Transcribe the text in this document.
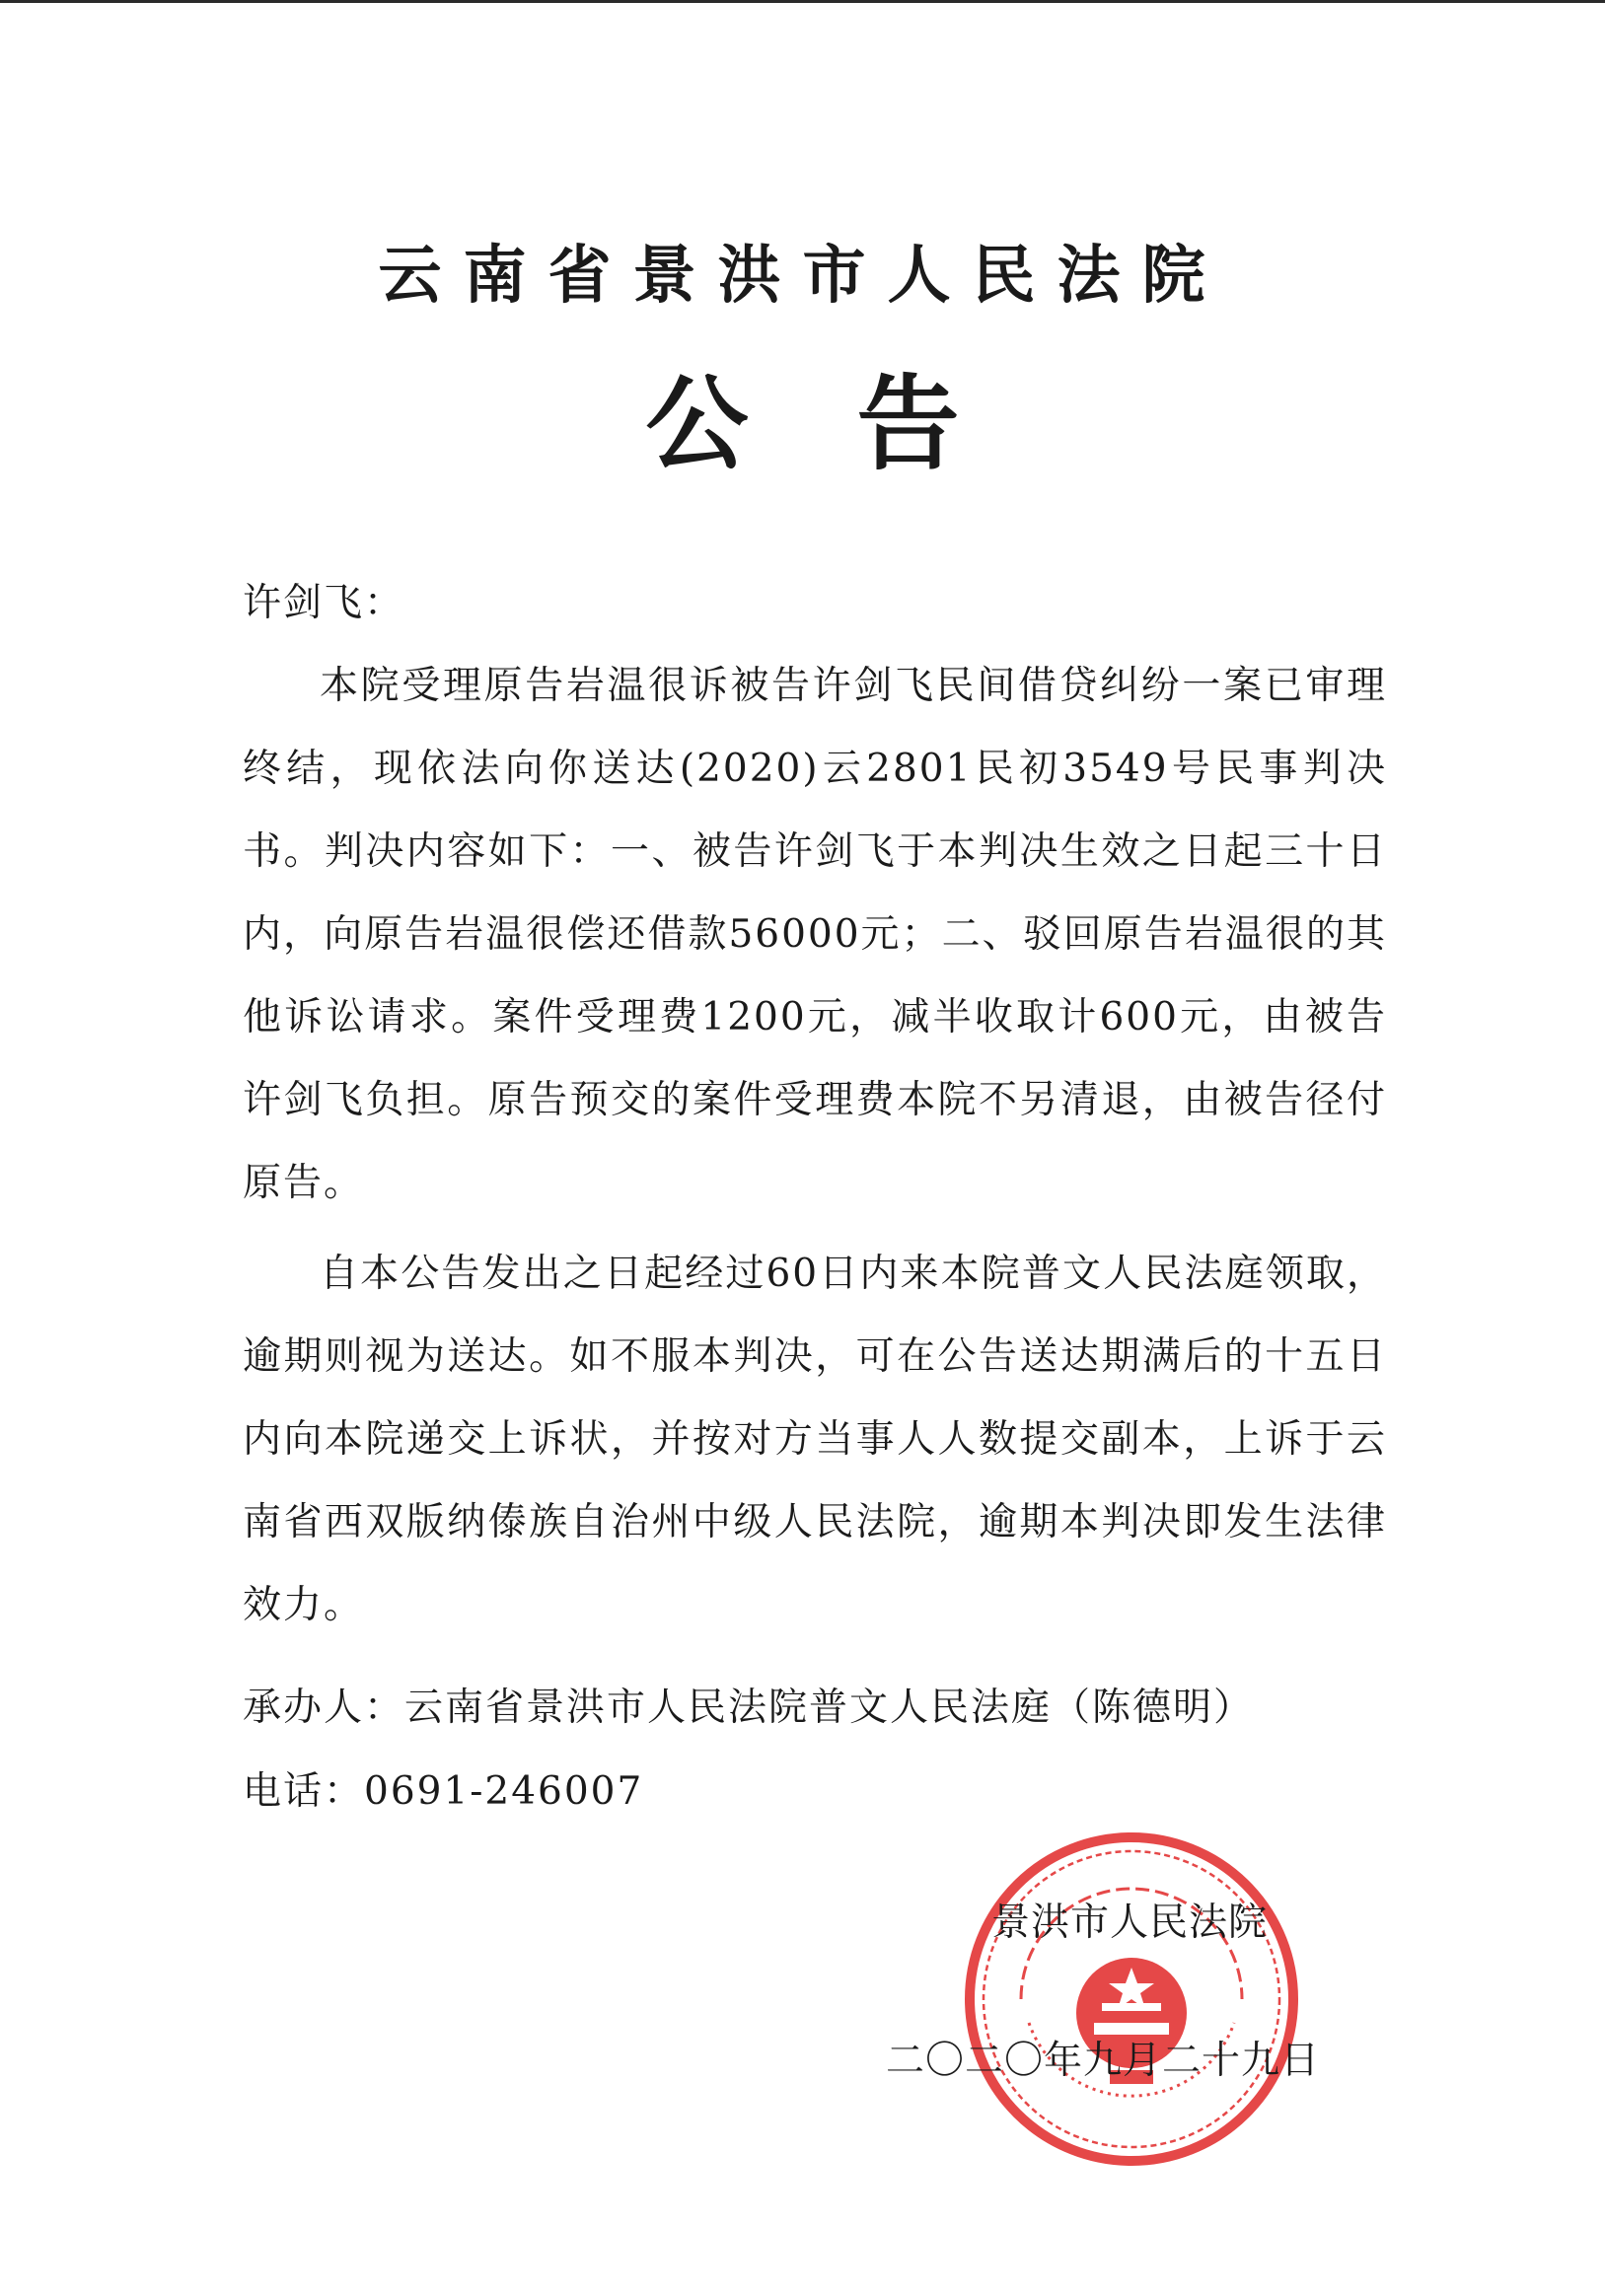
云南省景洪市人民法院
公告
许剑飞：

本院受理原告岩温很诉被告许剑飞民间借贷纠纷一案已审理终结，现依法向你送达(2020)云2801民初3549号民事判决书。判决内容如下：一、被告许剑飞于本判决生效之日起三十日内，向原告岩温很偿还借款56000元；二、驳回原告岩温很的其他诉讼请求。案件受理费1200元，减半收取计600元，由被告许剑飞负担。原告预交的案件受理费本院不另清退，由被告径付原告。

自本公告发出之日起经过60日内来本院普文人民法庭领取，逾期则视为送达。如不服本判决，可在公告送达期满后的十五日内向本院递交上诉状，并按对方当事人人数提交副本，上诉于云南省西双版纳傣族自治州中级人民法院，逾期本判决即发生法律效力。

承办人：云南省景洪市人民法院普文人民法庭（陈德明）
电话：0691-246007
景洪市人民法院
二〇二〇年九月二十九日
